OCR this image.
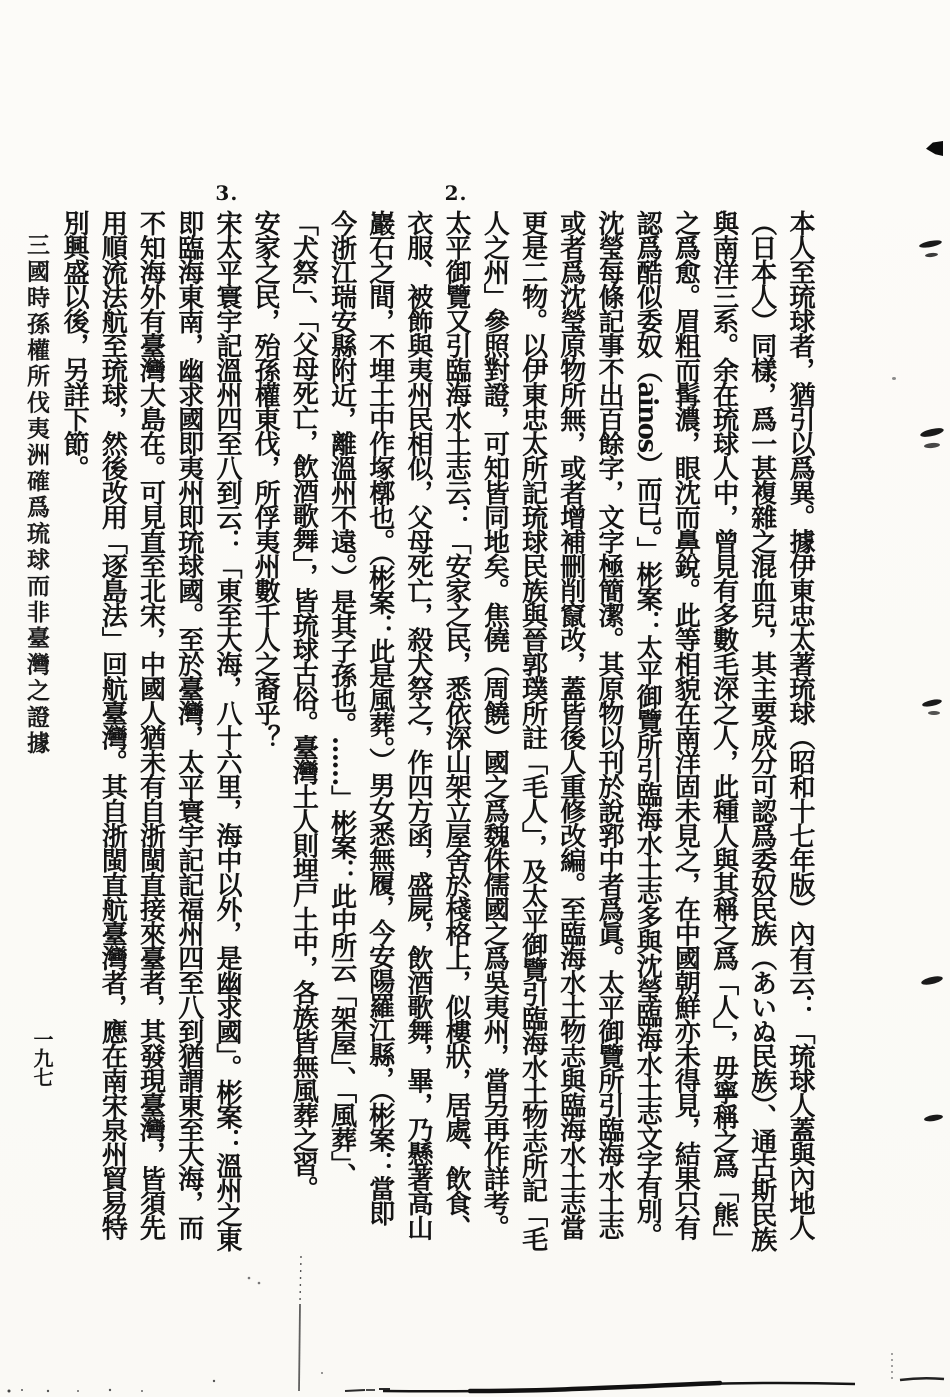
本人至琉球者，猶引以爲異。據伊東忠太著琉球（昭和十七年版）內有云：「琉球人蓋與內地人
（日本人）同樣，爲一甚複雜之混血兒，其主要成分可認爲委奴民族（あいぬ民族）、通古斯民族
與南洋三系。余在琉球人中，曾見有多數毛深之人，此種人與其稱之爲「人」，毋寧稱之爲「熊」
之爲愈。眉粗而髯濃，眼沈而鼻銳。此等相貌在南洋固未見之，在中國朝鮮亦未得見，結果只有
認爲酷似委奴（ainos）而已。」彬案：太平御覽所引臨海水土志多與沈瑩臨海水土志文字有別。
沈瑩每條記事不出百餘字，文字極簡潔。其原物以刊於說郛中者爲眞。太平御覽所引臨海水土志
或者爲沈瑩原物所無，或者增補刪削竄改，蓋皆後人重修改編。至臨海水土物志與臨海水土志當
更是二物。以伊東忠太所記琉球民族與晉郭璞所註「毛人」，及太平御覽引臨海水土物志所記「毛
人之州」參照對證，可知皆同地矣。焦僥（周饒）國之爲魏侏儒國之爲吳夷州，當另再作詳考。
2.
太平御覽又引臨海水土志云：「安家之民，悉依深山架立屋舍於棧格上，似樓狀，居處、飲食、
衣服、被飾與夷州民相似，父母死亡，殺犬祭之，作四方函，盛屍，飲酒歌舞，畢，乃懸著高山
巖石之間，不埋土中作塚槨也。（彬案：此是風葬。）男女悉無履，今安陽羅江縣，（彬案：當即
今浙江瑞安縣附近，離溫州不遠。）是其子孫也。……」彬案：此中所云「架屋」、「風葬」、
「犬祭」、「父母死亡，飲酒歌舞」，皆琉球古俗。臺灣土人則埋尸土中，各族皆無風葬之習。
安家之民，殆孫權東伐，所俘夷州數千人之裔乎？
3.
宋太平寰宇記溫州四至八到云：「東至大海，八十六里，海中以外，是幽求國」。彬案：溫州之東
即臨海東南，幽求國即夷州即琉球國。至於臺灣，太平寰宇記記福州四至八到猶謂東至大海，而
不知海外有臺灣大島在。可見直至北宋，中國人猶未有自浙閩直接來臺者，其發現臺灣，皆須先
用順流法航至琉球，然後改用「逐島法」回航臺灣。其自浙閩直航臺灣者，應在南宋泉州貿易特
別興盛以後，另詳下節。
三國時孫權所伐夷洲確爲琉球而非臺灣之證據
一九七
